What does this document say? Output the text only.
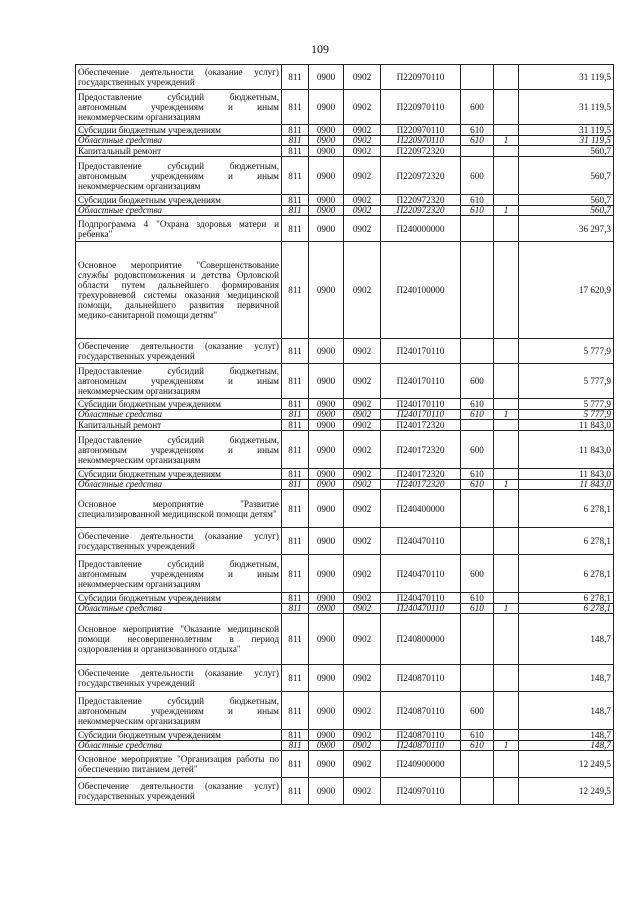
109
Обеспечение деятельности (оказание услуг) государственных учреждений	811	0900	0902	П220970110			31 119,5
Предоставление субсидий бюджетным, автономным учреждениям и иным некоммерческим организациям	811	0900	0902	П220970110	600		31 119,5
Субсидии бюджетным учреждениям	811	0900	0902	П220970110	610		31 119,5
Областные средства	811	0900	0902	П220970110	610	1	31 119,5
Капитальный ремонт	811	0900	0902	П220972320			560,7
Предоставление субсидий бюджетным, автономным учреждениям и иным некоммерческим организациям	811	0900	0902	П220972320	600		560,7
Субсидии бюджетным учреждениям	811	0900	0902	П220972320	610		560,7
Областные средства	811	0900	0902	П220972320	610	1	560,7
Подпрограмма 4 "Охрана здоровья матери и ребенка"	811	0900	0902	П240000000			36 297,3
Основное мероприятие "Совершенствование службы родовспоможения и детства Орловской области путем дальнейшего формирования трехуровневой системы оказания медицинской помощи, дальнейшего развития первичной медико-санитарной помощи детям"	811	0900	0902	П240100000			17 620,9
Обеспечение деятельности (оказание услуг) государственных учреждений	811	0900	0902	П240170110			5 777,9
Предоставление субсидий бюджетным, автономным учреждениям и иным некоммерческим организациям	811	0900	0902	П240170110	600		5 777,9
Субсидии бюджетным учреждениям	811	0900	0902	П240170110	610		5 777,9
Областные средства	811	0900	0902	П240170110	610	1	5 777,9
Капитальный ремонт	811	0900	0902	П240172320			11 843,0
Предоставление субсидий бюджетным, автономным учреждениям и иным некоммерческим организациям	811	0900	0902	П240172320	600		11 843,0
Субсидии бюджетным учреждениям	811	0900	0902	П240172320	610		11 843,0
Областные средства	811	0900	0902	П240172320	610	1	11 843,0
Основное мероприятие "Развитие специализированной медицинской помощи детям"	811	0900	0902	П240400000			6 278,1
Обеспечение деятельности (оказание услуг) государственных учреждений	811	0900	0902	П240470110			6 278,1
Предоставление субсидий бюджетным, автономным учреждениям и иным некоммерческим организациям	811	0900	0902	П240470110	600		6 278,1
Субсидии бюджетным учреждениям	811	0900	0902	П240470110	610		6 278,1
Областные средства	811	0900	0902	П240470110	610	1	6 278,1
Основное мероприятие "Оказание медицинской помощи несовершеннолетним в период оздоровления и организованного отдыха"	811	0900	0902	П240800000			148,7
Обеспечение деятельности (оказание услуг) государственных учреждений	811	0900	0902	П240870110			148,7
Предоставление субсидий бюджетным, автономным учреждениям и иным некоммерческим организациям	811	0900	0902	П240870110	600		148,7
Субсидии бюджетным учреждениям	811	0900	0902	П240870110	610		148,7
Областные средства	811	0900	0902	П240870110	610	1	148,7
Основное мероприятие "Организация работы по обеспечению питанием детей"	811	0900	0902	П240900000			12 249,5
Обеспечение деятельности (оказание услуг) государственных учреждений	811	0900	0902	П240970110			12 249,5
